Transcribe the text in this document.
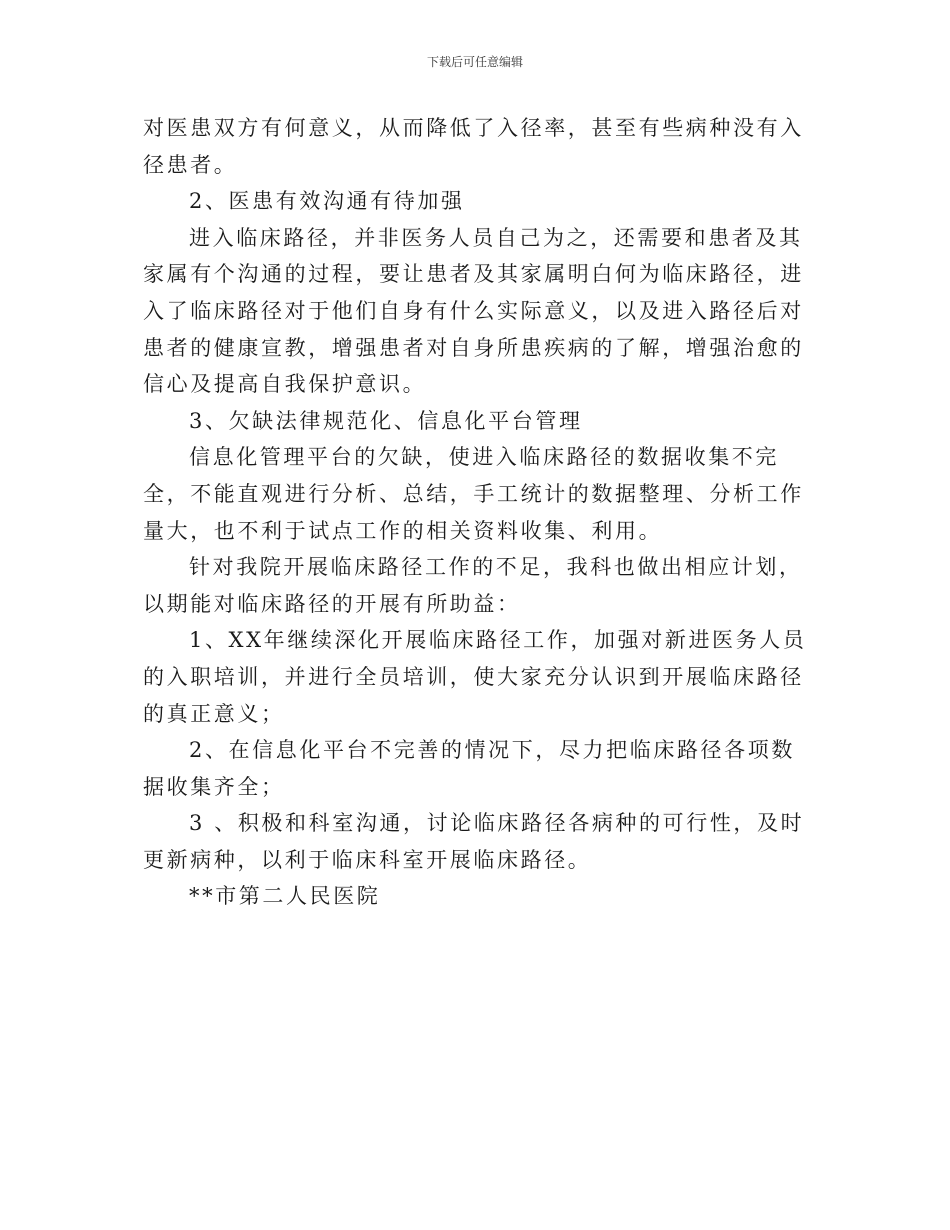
下载后可任意编辑

对医患双方有何意义，从而降低了入径率，甚至有些病种没有入径患者。

2、医患有效沟通有待加强

进入临床路径，并非医务人员自己为之，还需要和患者及其家属有个沟通的过程，要让患者及其家属明白何为临床路径，进入了临床路径对于他们自身有什么实际意义，以及进入路径后对患者的健康宣教，增强患者对自身所患疾病的了解，增强治愈的信心及提高自我保护意识。

3、欠缺法律规范化、信息化平台管理

信息化管理平台的欠缺，使进入临床路径的数据收集不完全，不能直观进行分析、总结，手工统计的数据整理、分析工作量大，也不利于试点工作的相关资料收集、利用。

针对我院开展临床路径工作的不足，我科也做出相应计划，以期能对临床路径的开展有所助益：

1、XX年继续深化开展临床路径工作，加强对新进医务人员的入职培训，并进行全员培训，使大家充分认识到开展临床路径的真正意义；

2、在信息化平台不完善的情况下，尽力把临床路径各项数据收集齐全；

3 、积极和科室沟通，讨论临床路径各病种的可行性，及时更新病种，以利于临床科室开展临床路径。

**市第二人民医院
